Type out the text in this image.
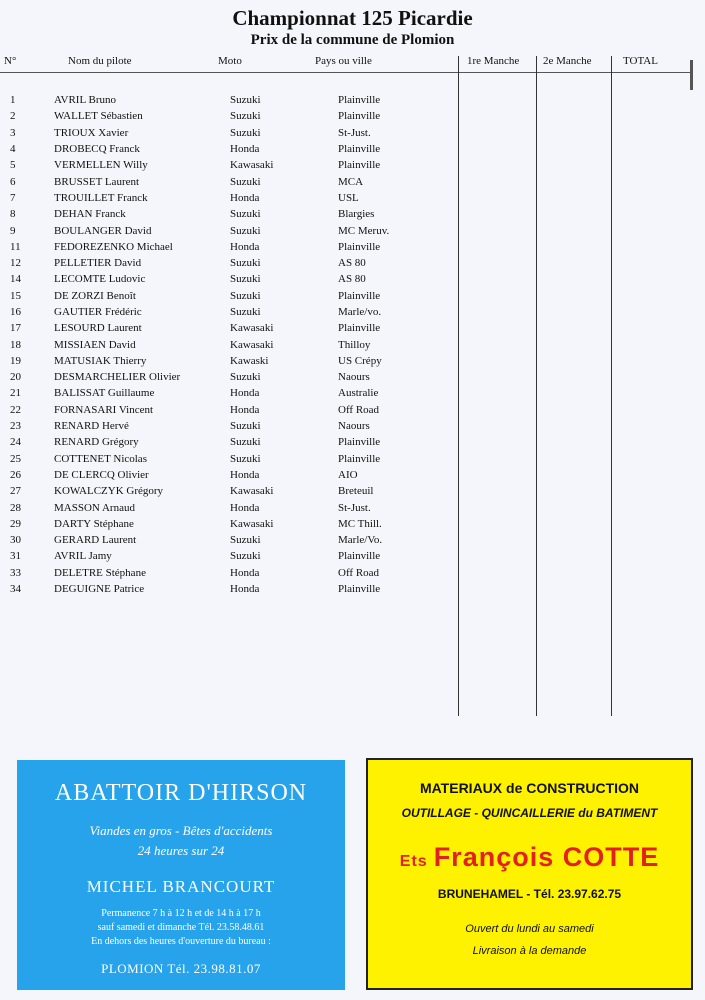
Championnat 125 Picardie
Prix de la commune de Plomion
N°	Nom du pilote	Moto	Pays ou ville	1re Manche 2e Manche	TOTAL
1	AVRIL Bruno	Suzuki	Plainville
2	WALLET Sébastien	Suzuki	Plainville
3	TRIOUX Xavier	Suzuki	St-Just.
4	DROBECQ Franck	Honda	Plainville
5	VERMELLEN Willy	Kawasaki	Plainville
6	BRUSSET Laurent	Suzuki	MCA
7	TROUILLET Franck	Honda	USL
8	DEHAN Franck	Suzuki	Blargies
9	BOULANGER David	Suzuki	MC Meruv.
11	FEDOREZENKO Michael	Honda	Plainville
12	PELLETIER David	Suzuki	AS 80
14	LECOMTE Ludovic	Suzuki	AS 80
15	DE ZORZI Benoît	Suzuki	Plainville
16	GAUTIER Frédéric	Suzuki	Marle/vo.
17	LESOURD Laurent	Kawasaki	Plainville
18	MISSIAEN David	Kawasaki	Thilloy
19	MATUSIAK Thierry	Kawaski	US Crépy
20	DESMARCHELIER Olivier	Suzuki	Naours
21	BALISSAT Guillaume	Honda	Australie
22	FORNASARI Vincent	Honda	Off Road
23	RENARD Hervé	Suzuki	Naours
24	RENARD Grégory	Suzuki	Plainville
25	COTTENET Nicolas	Suzuki	Plainville
26	DE CLERCQ Olivier	Honda	AIO
27	KOWALCZYK Grégory	Kawasaki	Breteuil
28	MASSON Arnaud	Honda	St-Just.
29	DARTY Stéphane	Kawasaki	MC Thill.
30	GERARD Laurent	Suzuki	Marle/Vo.
31	AVRIL Jamy	Suzuki	Plainville
33	DELETRE Stéphane	Honda	Off Road
34	DEGUIGNE Patrice	Honda	Plainville
ABATTOIR D'HIRSON
Viandes en gros - Bêtes d'accidents
24 heures sur 24
MICHEL BRANCOURT
Permanence 7 h à 12 h et de 14 h à 17 h
sauf samedi et dimanche Tél. 23.58.48.61
En dehors des heures d'ouverture du bureau :
PLOMION Tél. 23.98.81.07
MATERIAUX de CONSTRUCTION
OUTILLAGE - QUINCAILLERIE du BATIMENT
Ets François COTTE
BRUNEHAMEL - Tél. 23.97.62.75
Ouvert du lundi au samedi
Livraison à la demande
